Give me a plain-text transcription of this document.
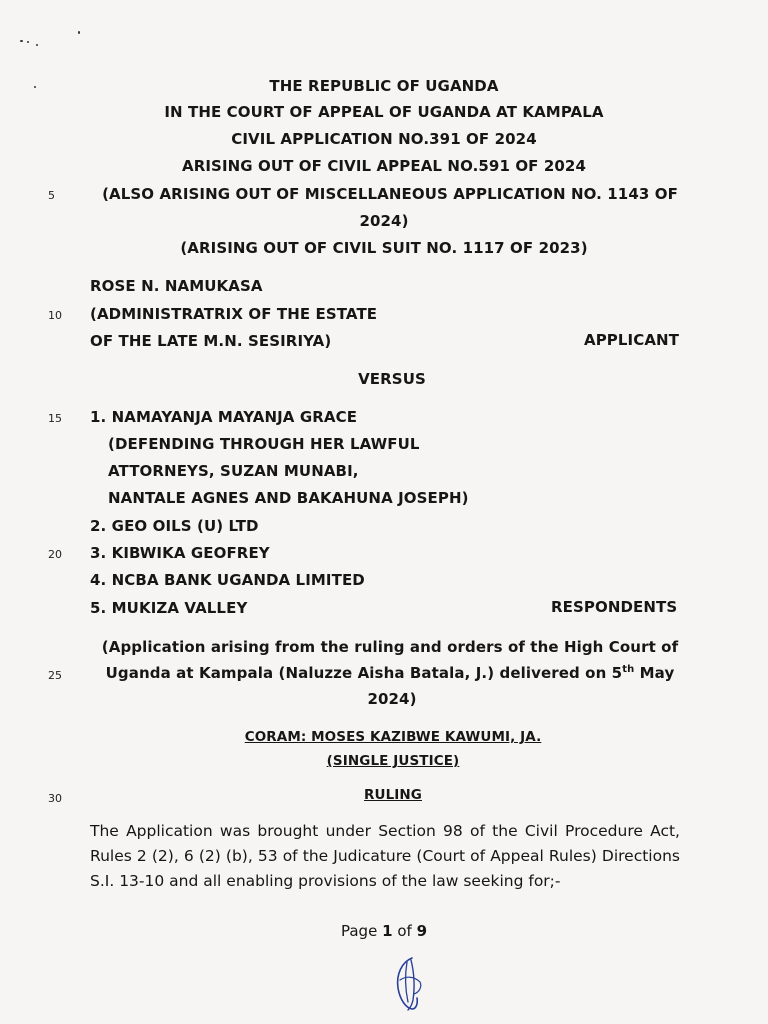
THE REPUBLIC OF UGANDA
IN THE COURT OF APPEAL OF UGANDA AT KAMPALA
CIVIL APPLICATION NO.391 OF 2024
ARISING OUT OF CIVIL APPEAL NO.591 OF 2024
5	(ALSO ARISING OUT OF MISCELLANEOUS APPLICATION NO. 1143 OF
2024)
(ARISING OUT OF CIVIL SUIT NO. 1117 OF 2023)
ROSE N. NAMUKASA
10	(ADMINISTRATRIX OF THE ESTATE
OF THE LATE M.N. SESIRIYA)	APPLICANT
VERSUS
15	1. NAMAYANJA MAYANJA GRACE
(DEFENDING THROUGH HER LAWFUL
ATTORNEYS, SUZAN MUNABI,
NANTALE AGNES AND BAKAHUNA JOSEPH)
2. GEO OILS (U) LTD
20	3. KIBWIKA GEOFREY
4. NCBA BANK UGANDA LIMITED
5. MUKIZA VALLEY	RESPONDENTS
(Application arising from the ruling and orders of the High Court of
25	Uganda at Kampala (Naluzze Aisha Batala, J.) delivered on 5th May
2024)
CORAM: MOSES KAZIBWE KAWUMI, JA.
(SINGLE JUSTICE)
30	RULING
The Application was brought under Section 98 of the Civil Procedure Act, Rules 2 (2), 6 (2) (b), 53 of the Judicature (Court of Appeal Rules) Directions S.I. 13-10 and all enabling provisions of the law seeking for;-
Page 1 of 9
